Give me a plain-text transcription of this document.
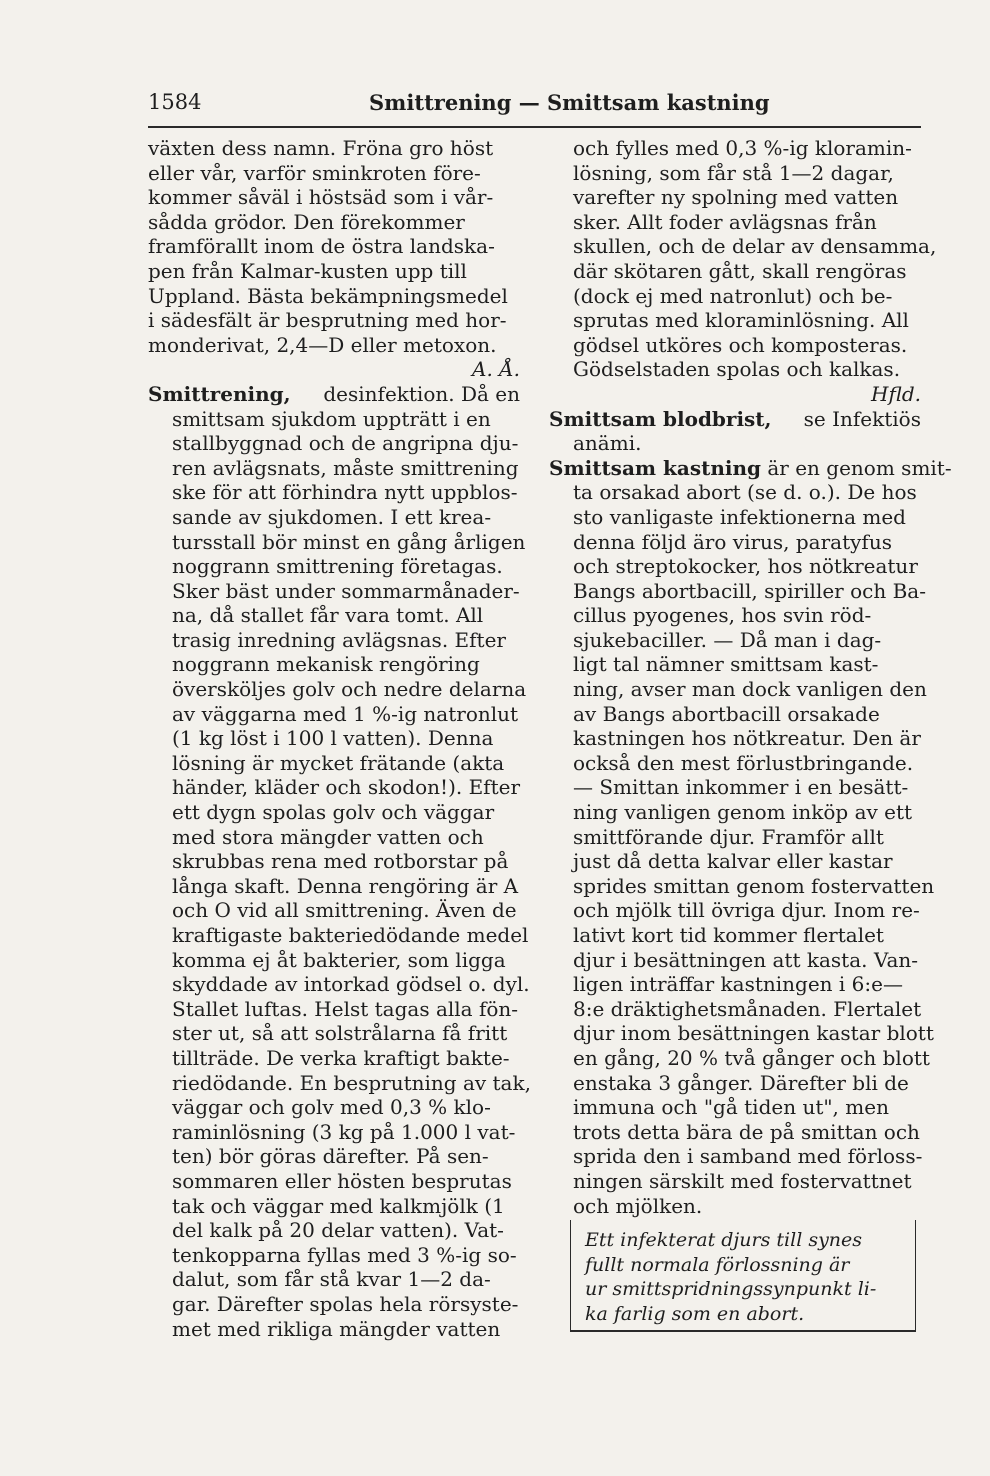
1584	Smittrening — Smittsam kastning
växten dess namn. Fröna gro höst
eller vår, varför sminkroten före-
kommer såväl i höstsäd som i vår-
sådda grödor. Den förekommer
framförallt inom de östra landska-
pen från Kalmar-kusten upp till
Uppland. Bästa bekämpningsmedel
i sädesfält är besprutning med hor-
monderivat, 2,4—D eller metoxon.
A. Å.
Smittrening, desinfektion. Då en
smittsam sjukdom uppträtt i en
stallbyggnad och de angripna dju-
ren avlägsnats, måste smittrening
ske för att förhindra nytt uppblos-
sande av sjukdomen. I ett krea-
tursstall bör minst en gång årligen
noggrann smittrening företagas.
Sker bäst under sommarmånader-
na, då stallet får vara tomt. All
trasig inredning avlägsnas. Efter
noggrann mekanisk rengöring
översköljes golv och nedre delarna
av väggarna med 1 %-ig natronlut
(1 kg löst i 100 l vatten). Denna
lösning är mycket frätande (akta
händer, kläder och skodon!). Efter
ett dygn spolas golv och väggar
med stora mängder vatten och
skrubbas rena med rotborstar på
långa skaft. Denna rengöring är A
och O vid all smittrening. Även de
kraftigaste bakteriedödande medel
komma ej åt bakterier, som ligga
skyddade av intorkad gödsel o. dyl.
Stallet luftas. Helst tagas alla fön-
ster ut, så att solstrålarna få fritt
tillträde. De verka kraftigt bakte-
riedödande. En besprutning av tak,
väggar och golv med 0,3 % klo-
raminlösning (3 kg på 1.000 l vat-
ten) bör göras därefter. På sen-
sommaren eller hösten besprutas
tak och väggar med kalkmjölk (1
del kalk på 20 delar vatten). Vat-
tenkopparna fyllas med 3 %-ig so-
dalut, som får stå kvar 1—2 da-
gar. Därefter spolas hela rörsyste-
met med rikliga mängder vatten
och fylles med 0,3 %-ig kloramin-
lösning, som får stå 1—2 dagar,
varefter ny spolning med vatten
sker. Allt foder avlägsnas från
skullen, och de delar av densamma,
där skötaren gått, skall rengöras
(dock ej med natronlut) och be-
sprutas med kloraminlösning. All
gödsel utköres och komposteras.
Gödselstaden spolas och kalkas.
Hfld.
Smittsam blodbrist, se Infektiös
anämi.
Smittsam kastning är en genom smit-
ta orsakad abort (se d. o.). De hos
sto vanligaste infektionerna med
denna följd äro virus, paratyfus
och streptokocker, hos nötkreatur
Bangs abortbacill, spiriller och Ba-
cillus pyogenes, hos svin röd-
sjukebaciller. — Då man i dag-
ligt tal nämner smittsam kast-
ning, avser man dock vanligen den
av Bangs abortbacill orsakade
kastningen hos nötkreatur. Den är
också den mest förlustbringande.
— Smittan inkommer i en besätt-
ning vanligen genom inköp av ett
smittförande djur. Framför allt
just då detta kalvar eller kastar
sprides smittan genom fostervatten
och mjölk till övriga djur. Inom re-
lativt kort tid kommer flertalet
djur i besättningen att kasta. Van-
ligen inträffar kastningen i 6:e—
8:e dräktighetsmånaden. Flertalet
djur inom besättningen kastar blott
en gång, 20 % två gånger och blott
enstaka 3 gånger. Därefter bli de
immuna och "gå tiden ut", men
trots detta bära de på smittan och
sprida den i samband med förloss-
ningen särskilt med fostervattnet
och mjölken.
Ett infekterat djurs till synes
fullt normala förlossning är
ur smittspridningssynpunkt li-
ka farlig som en abort.
